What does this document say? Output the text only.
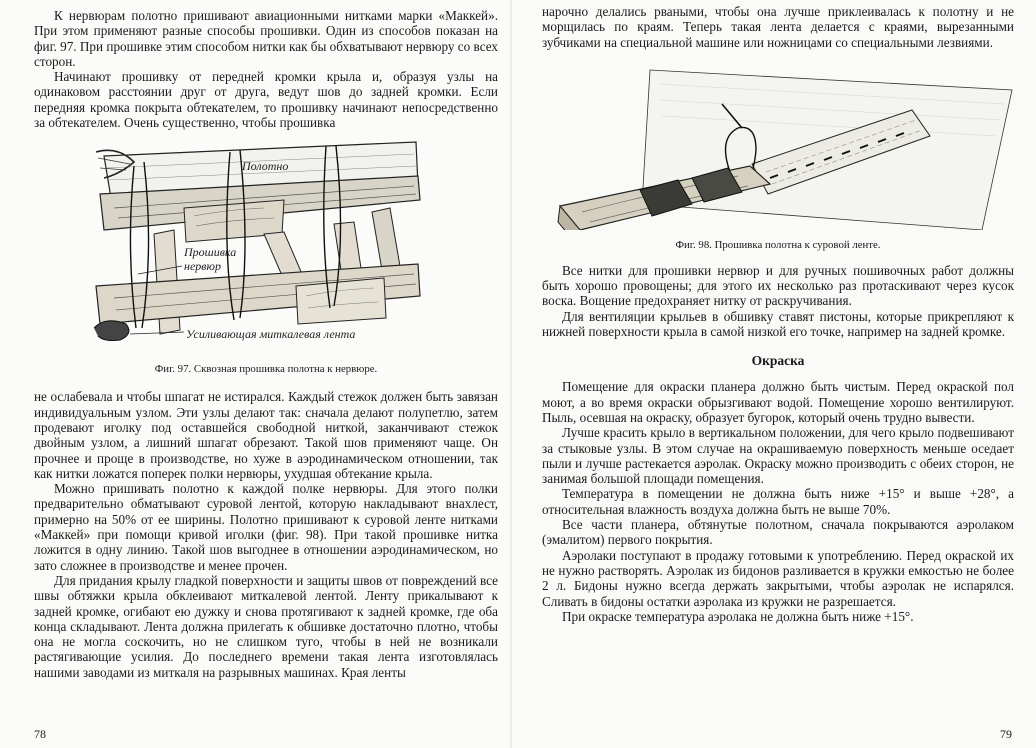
К нервюрам полотно пришивают авиационными нитками марки «Маккей». При этом применяют разные способы прошивки. Один из способов показан на фиг. 97. При прошивке этим способом нитки как бы обхватывают нервюру со всех сторон.

Начинают прошивку от передней кромки крыла и, образуя узлы на одинаковом расстоянии друг от друга, ведут шов до задней кромки. Если передняя кромка покрыта обтекателем, то прошивку начинают непосредственно за обтекателем. Очень существенно, чтобы прошивка

Полотно
Прошивка
нервюр
Усиливающая миткалевая лента
Фиг. 97. Сквозная прошивка полотна к нервюре.

не ослабевала и чтобы шпагат не истирался. Каждый стежок должен быть завязан индивидуальным узлом. Эти узлы делают так: сначала делают полупетлю, затем продевают иголку под оставшейся свободной ниткой, заканчивают стежок двойным узлом, а лишний шпагат обрезают. Такой шов применяют чаще. Он прочнее и проще в производстве, но хуже в аэродинамическом отношении, так как нитки ложатся поперек полки нервюры, ухудшая обтекание крыла.

Можно пришивать полотно к каждой полке нервюры. Для этого полки предварительно обматывают суровой лентой, которую накладывают внахлест, примерно на 50% от ее ширины. Полотно пришивают к суровой ленте нитками «Маккей» при помощи кривой иголки (фиг. 98). При такой прошивке нитка ложится в одну линию. Такой шов выгоднее в отношении аэродинамическом, но зато сложнее в производстве и менее прочен.

Для придания крылу гладкой поверхности и защиты швов от повреждений все швы обтяжки крыла обклеивают миткалевой лентой. Ленту прикалывают к задней кромке, огибают ею дужку и снова протягивают к задней кромке, где оба конца складывают. Лента должна прилегать к обшивке достаточно плотно, чтобы она не могла соскочить, но не слишком туго, чтобы в ней не возникали растягивающие усилия. До последнего времени такая лента изготовлялась нашими заводами из миткаля на разрывных машинах. Края ленты

78

нарочно делались рваными, чтобы она лучше приклеивалась к полотну и не морщилась по краям. Теперь такая лента делается с краями, вырезанными зубчиками на специальной машине или ножницами со специальными лезвиями.

Фиг. 98. Прошивка полотна к суровой ленте.

Все нитки для прошивки нервюр и для ручных пошивочных работ должны быть хорошо провощены; для этого их несколько раз протаскивают через кусок воска. Вощение предохраняет нитку от раскручивания.

Для вентиляции крыльев в обшивку ставят пистоны, которые прикрепляют к нижней поверхности крыла в самой низкой его точке, например на задней кромке.

Окраска

Помещение для окраски планера должно быть чистым. Перед окраской пол моют, а во время окраски обрызгивают водой. Помещение хорошо вентилируют. Пыль, осевшая на окраску, образует бугорок, который очень трудно вывести.

Лучше красить крыло в вертикальном положении, для чего крыло подвешивают за стыковые узлы. В этом случае на окрашиваемую поверхность меньше оседает пыли и лучше растекается аэролак. Окраску можно производить с обеих сторон, не занимая большой площади помещения.

Температура в помещении не должна быть ниже +15° и выше +28°, а относительная влажность воздуха должна быть не выше 70%.

Все части планера, обтянутые полотном, сначала покрываются аэролаком (эмалитом) первого покрытия.

Аэролаки поступают в продажу готовыми к употреблению. Перед окраской их не нужно растворять. Аэролак из бидонов разливается в кружки емкостью не более 2 л. Бидоны нужно всегда держать закрытыми, чтобы аэролак не испарялся. Сливать в бидоны остатки аэролака из кружки не разрешается.

При окраске температура аэролака не должна быть ниже +15°.

79
